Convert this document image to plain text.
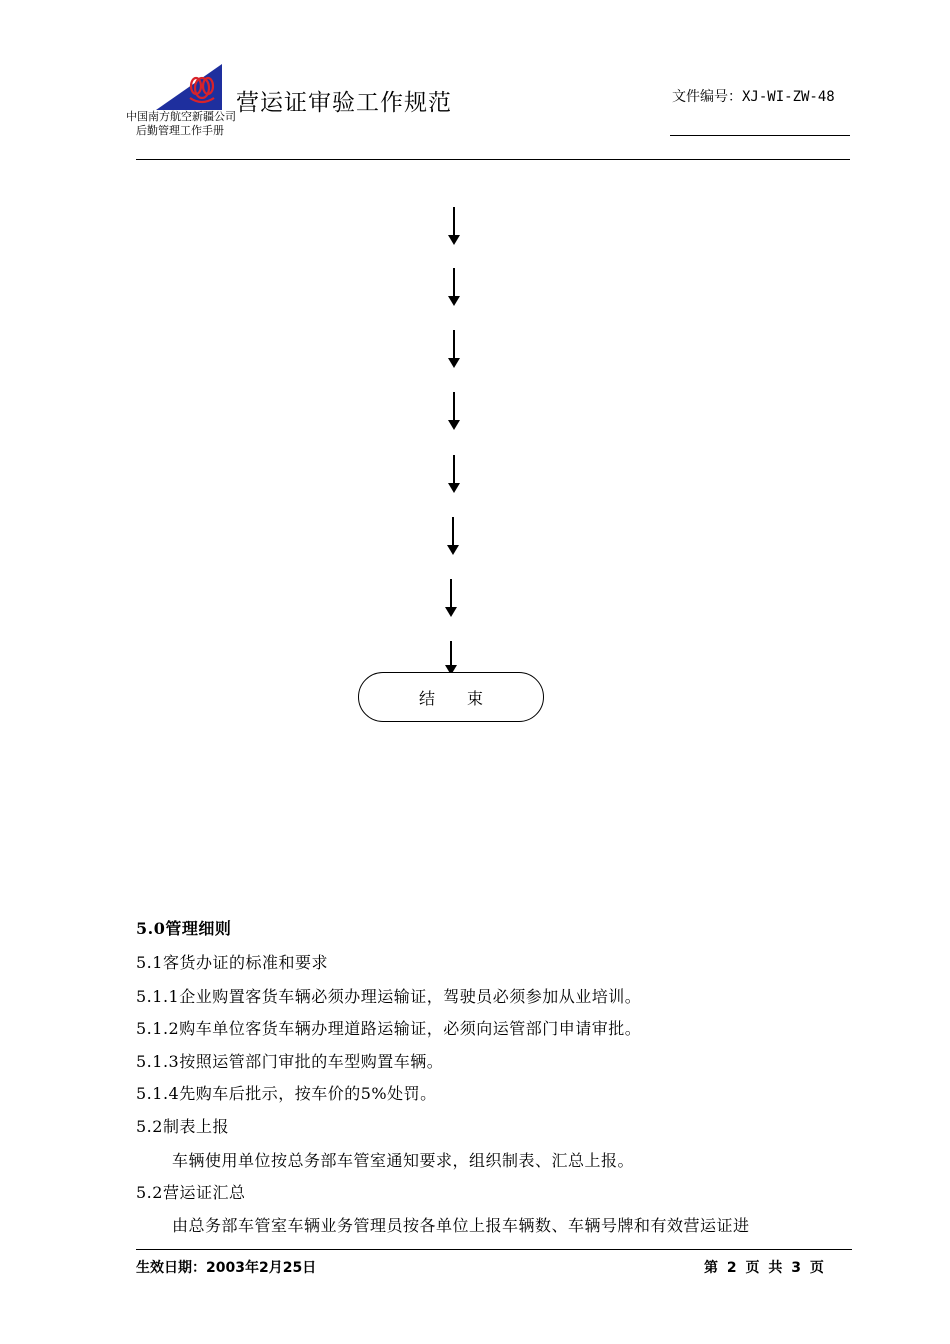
中国南方航空新疆公司
后勤管理工作手册
营运证审验工作规范	文件编号：XJ-WI-ZW-48
结　　束
5.0管理细则
5.1客货办证的标准和要求
5.1.1企业购置客货车辆必须办理运输证，驾驶员必须参加从业培训。
5.1.2购车单位客货车辆办理道路运输证，必须向运管部门申请审批。
5.1.3按照运管部门审批的车型购置车辆。
5.1.4先购车后批示，按车价的5%处罚。
5.2制表上报
车辆使用单位按总务部车管室通知要求，组织制表、汇总上报。
5.2营运证汇总
由总务部车管室车辆业务管理员按各单位上报车辆数、车辆号牌和有效营运证进
生效日期：2003年2月25日	第 2 页 共 3 页
